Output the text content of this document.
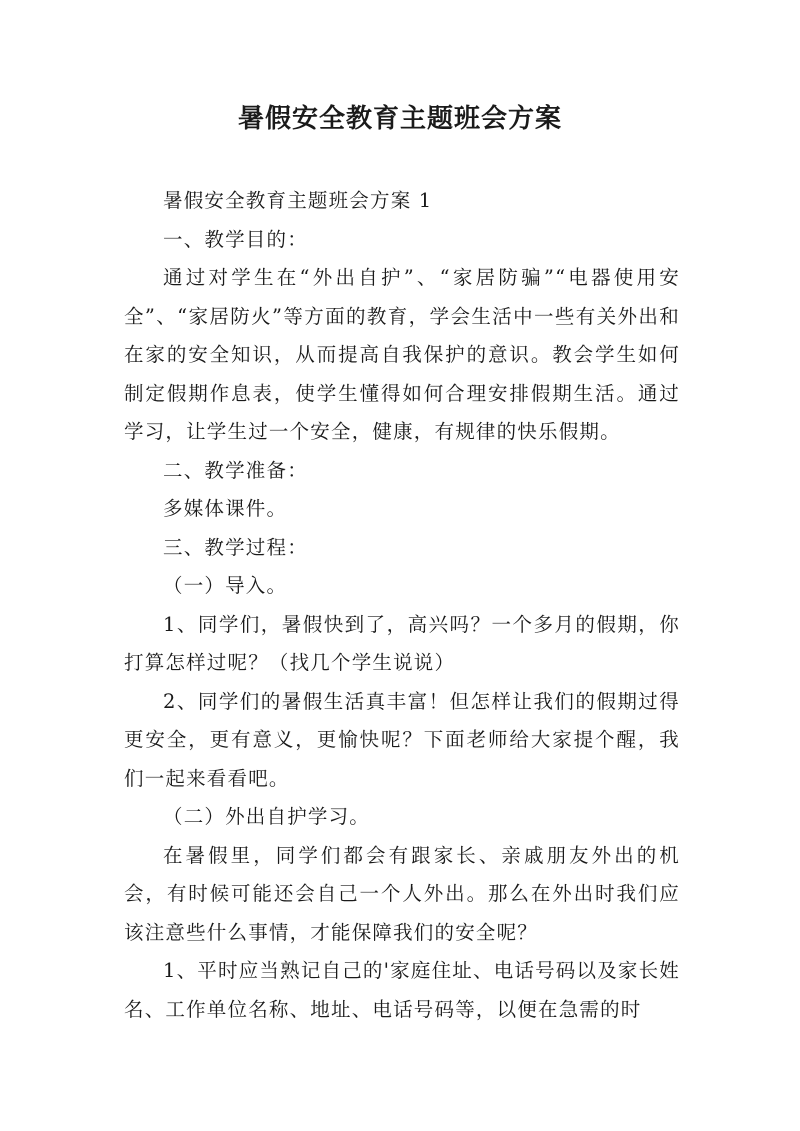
暑假安全教育主题班会方案

暑假安全教育主题班会方案 1

一、教学目的：

通过对学生在“外出自护”、“家居防骗”“电器使用安全”、“家居防火”等方面的教育，学会生活中一些有关外出和在家的安全知识，从而提高自我保护的意识。教会学生如何制定假期作息表，使学生懂得如何合理安排假期生活。通过学习，让学生过一个安全，健康，有规律的快乐假期。

二、教学准备：

多媒体课件。

三、教学过程：

（一）导入。

1、同学们，暑假快到了，高兴吗？一个多月的假期，你打算怎样过呢？（找几个学生说说）

2、同学们的暑假生活真丰富！但怎样让我们的假期过得更安全，更有意义，更愉快呢？下面老师给大家提个醒，我们一起来看看吧。

（二）外出自护学习。

在暑假里，同学们都会有跟家长、亲戚朋友外出的机会，有时候可能还会自己一个人外出。那么在外出时我们应该注意些什么事情，才能保障我们的安全呢？

1、平时应当熟记自己的'家庭住址、电话号码以及家长姓名、工作单位名称、地址、电话号码等，以便在急需的时
